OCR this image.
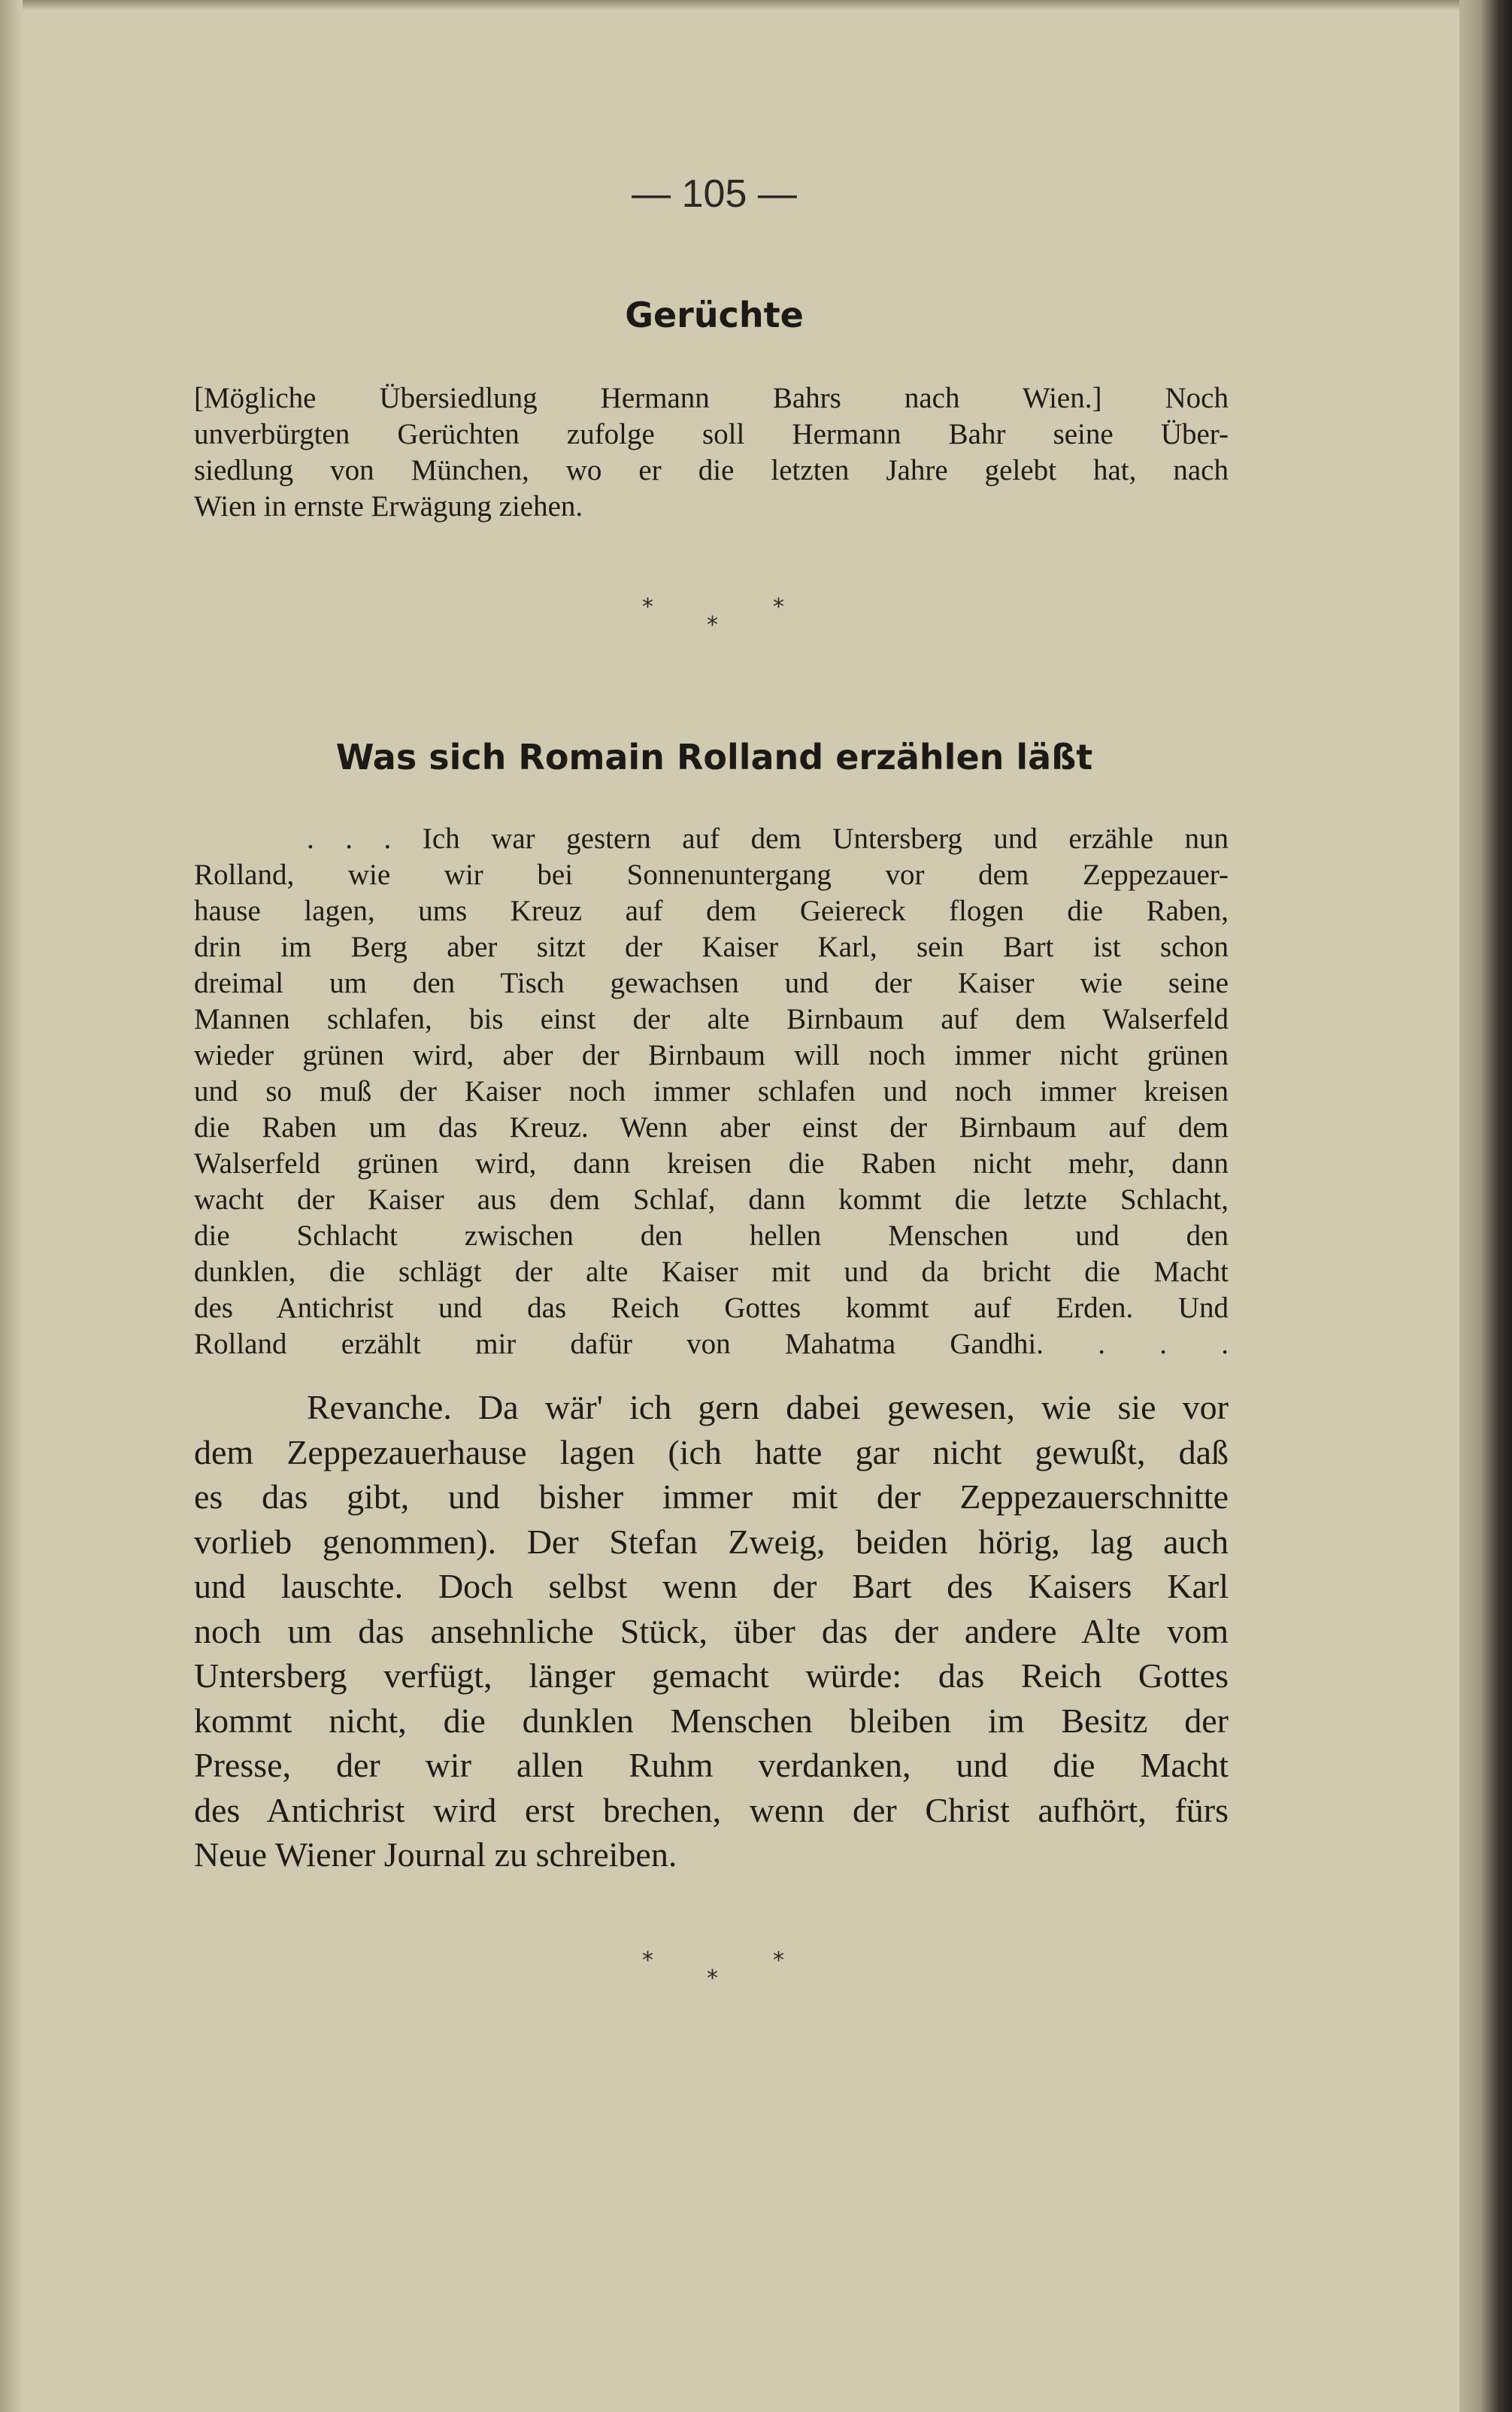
— 105 —
Gerüchte
[Mögliche Übersiedlung Hermann Bahrs nach Wien.] Noch
unverbürgten Gerüchten zufolge soll Hermann Bahr seine Über-
siedlung von München, wo er die letzten Jahre gelebt hat, nach
Wien in ernste Erwägung ziehen.
*	*
*
Was sich Romain Rolland erzählen läßt
. . . Ich war gestern auf dem Untersberg und erzähle nun
Rolland, wie wir bei Sonnenuntergang vor dem Zeppezauer-
hause lagen, ums Kreuz auf dem Geiereck flogen die Raben,
drin im Berg aber sitzt der Kaiser Karl, sein Bart ist schon
dreimal um den Tisch gewachsen und der Kaiser wie seine
Mannen schlafen, bis einst der alte Birnbaum auf dem Walserfeld
wieder grünen wird, aber der Birnbaum will noch immer nicht grünen
und so muß der Kaiser noch immer schlafen und noch immer kreisen
die Raben um das Kreuz. Wenn aber einst der Birnbaum auf dem
Walserfeld grünen wird, dann kreisen die Raben nicht mehr, dann
wacht der Kaiser aus dem Schlaf, dann kommt die letzte Schlacht,
die Schlacht zwischen den hellen Menschen und den
dunklen, die schlägt der alte Kaiser mit und da bricht die Macht
des Antichrist und das Reich Gottes kommt auf Erden. Und
Rolland erzählt mir dafür von Mahatma Gandhi. . . .
Revanche. Da wär' ich gern dabei gewesen, wie sie vor
dem Zeppezauerhause lagen (ich hatte gar nicht gewußt, daß
es das gibt, und bisher immer mit der Zeppezauerschnitte
vorlieb genommen). Der Stefan Zweig, beiden hörig, lag auch
und lauschte. Doch selbst wenn der Bart des Kaisers Karl
noch um das ansehnliche Stück, über das der andere Alte vom
Untersberg verfügt, länger gemacht würde: das Reich Gottes
kommt nicht, die dunklen Menschen bleiben im Besitz der
Presse, der wir allen Ruhm verdanken, und die Macht
des Antichrist wird erst brechen, wenn der Christ aufhört, fürs
Neue Wiener Journal zu schreiben.
*	*
*
